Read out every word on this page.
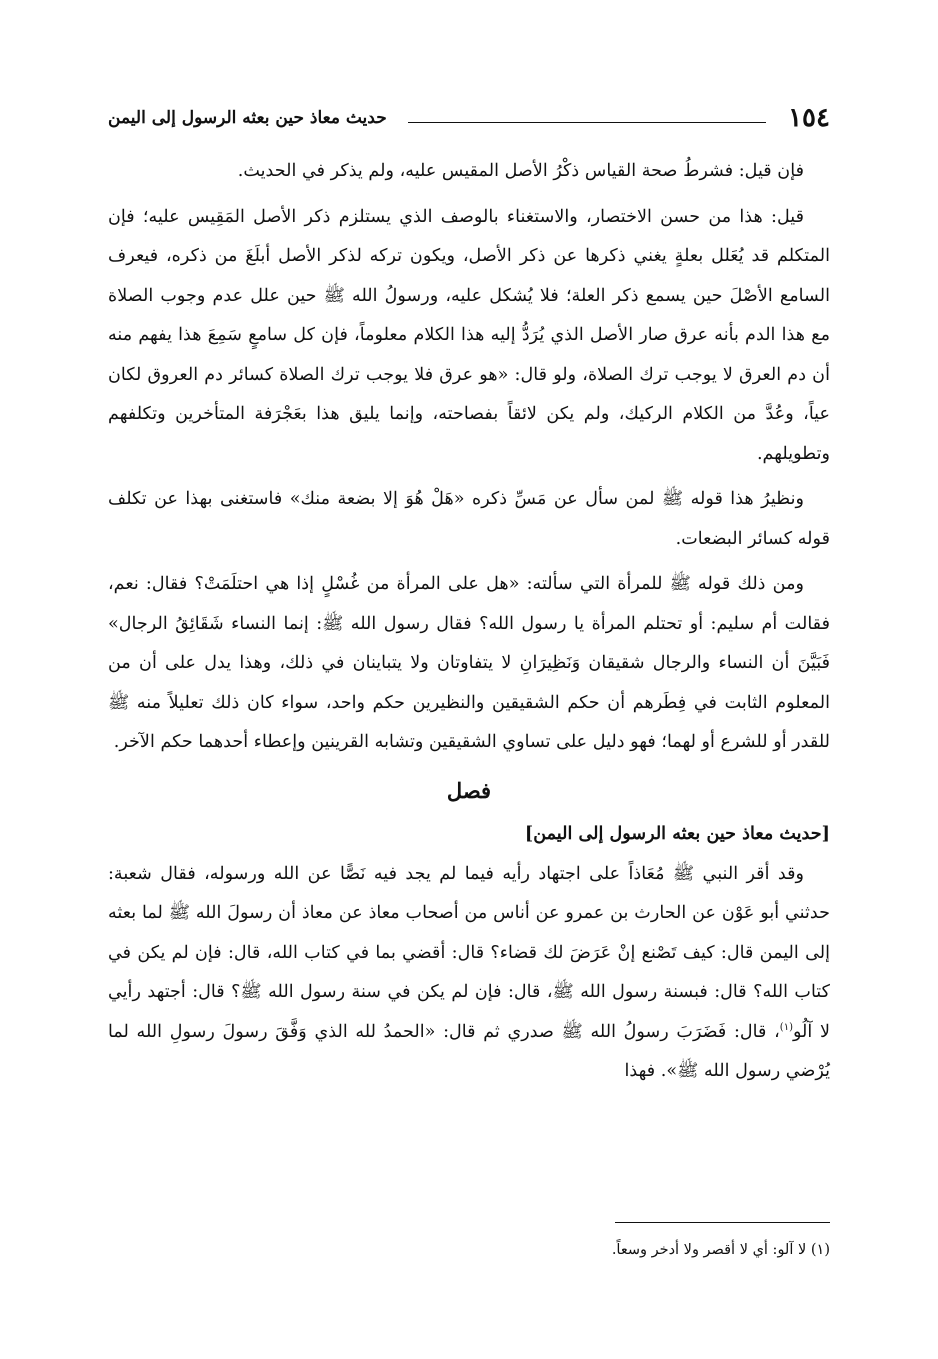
١٥٤
حديث معاذ حين بعثه الرسول إلى اليمن

فإن قيل: فشرطُ صحة القياس ذكْرُ الأصل المقيس عليه، ولم يذكر في الحديث.

قيل: هذا من حسن الاختصار، والاستغناء بالوصف الذي يستلزم ذكر الأصل المَقِيس عليه؛ فإن المتكلم قد يُعَلل بعلةٍ يغني ذكرها عن ذكر الأصل، ويكون تركه لذكر الأصل أبلَغَ من ذكره، فيعرف السامع الأصْلَ حين يسمع ذكر العلة؛ فلا يُشكل عليه، ورسولُ الله ﷺ حين علل عدم وجوب الصلاة مع هذا الدم بأنه عرق صار الأصل الذي يُرَدُّ إليه هذا الكلام معلوماً، فإن كل سامعٍ سَمِعَ هذا يفهم منه أن دم العرق لا يوجب ترك الصلاة، ولو قال: «هو عرق فلا يوجب ترك الصلاة كسائر دم العروق لكان عياً، وعُدَّ من الكلام الركيك، ولم يكن لائقاً بفصاحته، وإنما يليق هذا بعَجْرَفة المتأخرين وتكلفهم وتطويلهم.

ونظيرُ هذا قوله ﷺ لمن سأل عن مَسِّ ذكره «هَلْ هُوَ إلا بضعة منك» فاستغنى بهذا عن تكلف قوله كسائر البضعات.

ومن ذلك قوله ﷺ للمرأة التي سألته: «هل على المرأة من غُسْلٍ إذا هي احتلَمَتْ؟ فقال: نعم، فقالت أم سليم: أو تحتلم المرأة يا رسول الله؟ فقال رسول الله ﷺ: إنما النساء شَقَائِقُ الرجال» فَبَيَّنَ أن النساء والرجال شقيقان وَنَظِيرَانِ لا يتفاوتان ولا يتباينان في ذلك، وهذا يدل على أن من المعلوم الثابت في فِطَرهم أن حكم الشقيقين والنظيرين حكم واحد، سواء كان ذلك تعليلاً منه ﷺ للقدر أو للشرع أو لهما؛ فهو دليل على تساوي الشقيقين وتشابه القرينين وإعطاء أحدهما حكم الآخر.

فصل
[حديث معاذ حين بعثه الرسول إلى اليمن]

وقد أقر النبي ﷺ مُعَاذاً على اجتهاد رأيه فيما لم يجد فيه نَصًّا عن الله ورسوله، فقال شعبة: حدثني أبو عَوْن عن الحارث بن عمرو عن أناس من أصحاب معاذ عن معاذ أن رسولَ الله ﷺ لما بعثه إلى اليمن قال: كيف تَصْنع إنْ عَرَضَ لك قضاء؟ قال: أقضي بما في كتاب الله، قال: فإن لم يكن في كتاب الله؟ قال: فبسنة رسول الله ﷺ، قال: فإن لم يكن في سنة رسول الله ﷺ؟ قال: أجتهد رأيي لا آلُو$^{(١)}$، قال: فَضَرَبَ رسولُ الله ﷺ صدري ثم قال: «الحمدُ لله الذي وَفَّقَ رسولَ رسولِ الله لما يُرْضي رسول الله ﷺ». فهذا

(١) لا آلو: أي لا أقصر ولا أدخر وسعاً.
